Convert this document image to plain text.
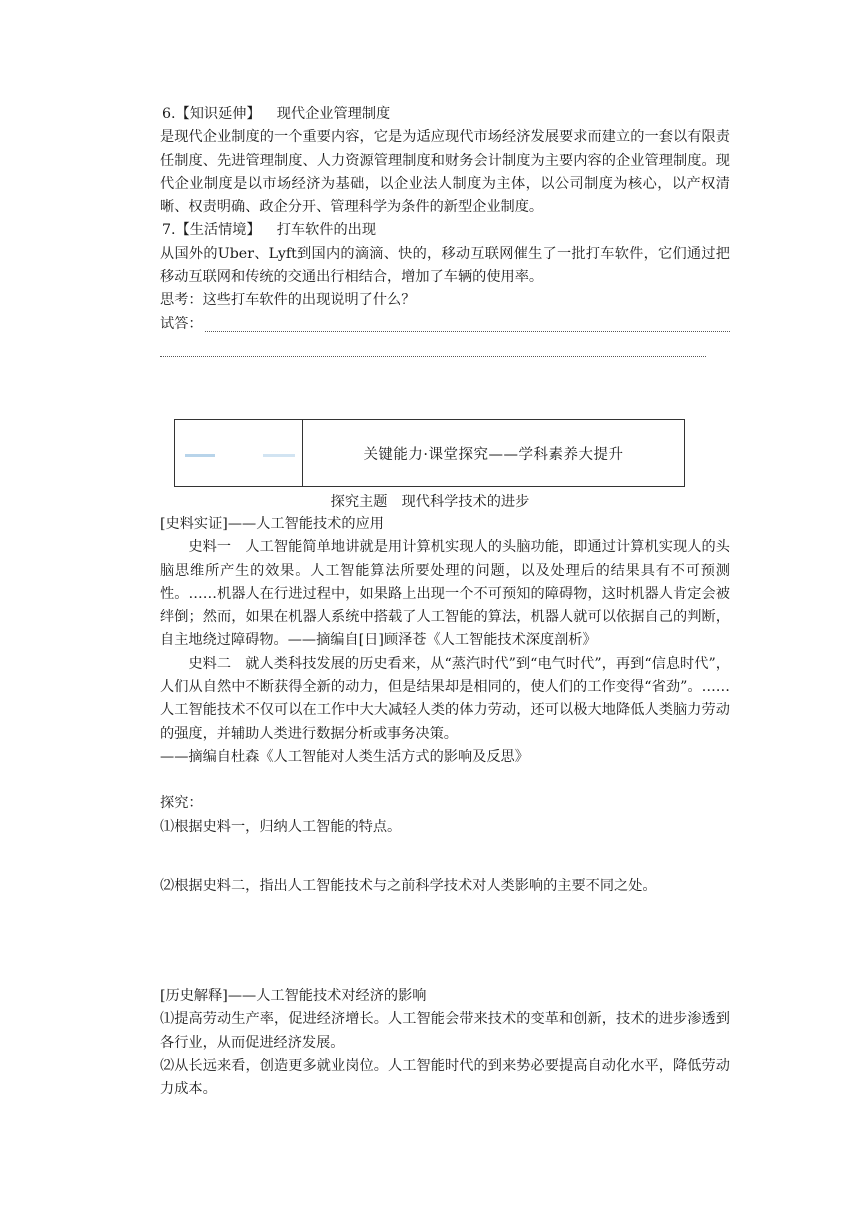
6.【知识延伸】 现代企业管理制度

是现代企业制度的一个重要内容，它是为适应现代市场经济发展要求而建立的一套以有限责任制度、先进管理制度、人力资源管理制度和财务会计制度为主要内容的企业管理制度。现代企业制度是以市场经济为基础，以企业法人制度为主体，以公司制度为核心，以产权清晰、权责明确、政企分开、管理科学为条件的新型企业制度。

7.【生活情境】 打车软件的出现

从国外的Uber、Lyft到国内的滴滴、快的，移动互联网催生了一批打车软件，它们通过把移动互联网和传统的交通出行相结合，增加了车辆的使用率。

思考：这些打车软件的出现说明了什么？

试答：
关键能力·课堂探究——学科素养大提升
探究主题　现代科学技术的进步

[史料实证]——人工智能技术的应用

史料一　人工智能简单地讲就是用计算机实现人的头脑功能，即通过计算机实现人的头脑思维所产生的效果。人工智能算法所要处理的问题，以及处理后的结果具有不可预测性。……机器人在行进过程中，如果路上出现一个不可预知的障碍物，这时机器人肯定会被绊倒；然而，如果在机器人系统中搭载了人工智能的算法，机器人就可以依据自己的判断，自主地绕过障碍物。——摘编自[日]顾泽苍《人工智能技术深度剖析》

史料二　就人类科技发展的历史看来，从“蒸汽时代”到“电气时代”，再到“信息时代”，人们从自然中不断获得全新的动力，但是结果却是相同的，使人们的工作变得“省劲”。……人工智能技术不仅可以在工作中大大减轻人类的体力劳动，还可以极大地降低人类脑力劳动的强度，并辅助人类进行数据分析或事务决策。

——摘编自杜森《人工智能对人类生活方式的影响及反思》

探究：

⑴根据史料一，归纳人工智能的特点。

⑵根据史料二，指出人工智能技术与之前科学技术对人类影响的主要不同之处。

[历史解释]——人工智能技术对经济的影响

⑴提高劳动生产率，促进经济增长。人工智能会带来技术的变革和创新，技术的进步渗透到各行业，从而促进经济发展。

⑵从长远来看，创造更多就业岗位。人工智能时代的到来势必要提高自动化水平，降低劳动力成本。
